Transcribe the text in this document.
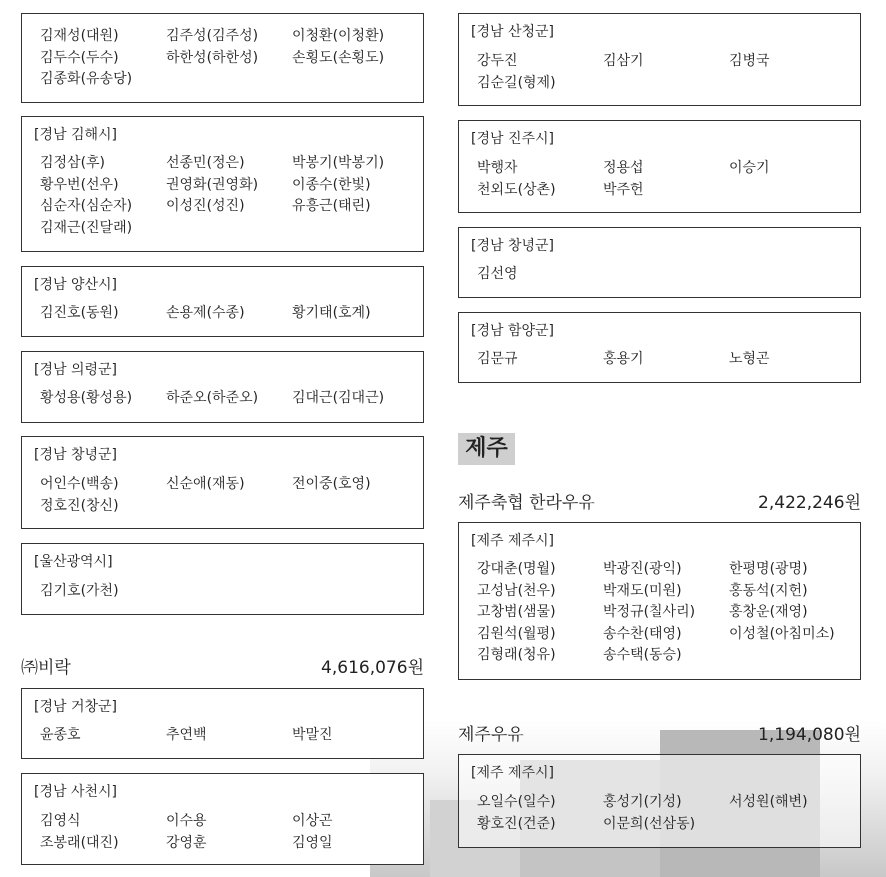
김재성(대원)	김주성(김주성)	이청환(이청환)
김두수(두수)	하한성(하한성)	손횡도(손횡도)
김종화(유송당)
[경남 김해시]
김정삼(후)	선종민(정은)	박봉기(박봉기)
황우번(선우)	권영화(권영화)	이종수(한빛)
심순자(심순자)	이성진(성진)	유흥근(태린)
김재근(진달래)
[경남 양산시]
김진호(동원)	손용제(수종)	황기태(호계)
[경남 의령군]
황성용(황성용)	하준오(하준오)	김대근(김대근)
[경남 창녕군]
어인수(백송)	신순애(재동)	전이중(호영)
정호진(창신)
[울산광역시]
김기호(가천)
㈜비락	4,616,076원
[경남 거창군]
윤종호	추연백	박말진
[경남 사천시]
김영식	이수용	이상곤
조봉래(대진)	강영훈	김영일
[경남 산청군]
강두진	김삼기	김병국
김순길(형제)
[경남 진주시]
박행자	정용섭	이승기
천외도(상촌)	박주헌
[경남 창녕군]
김선영
[경남 함양군]
김문규	홍용기	노형곤
제주
제주축협 한라우유	2,422,246원
[제주 제주시]
강대춘(명월)	박광진(광익)	한평명(광명)
고성남(천우)	박재도(미원)	홍동석(지헌)
고창범(샘물)	박정규(칠사리)	홍창운(재영)
김원석(월평)	송수찬(태영)	이성철(아침미소)
김형래(청유)	송수택(동승)
제주우유	1,194,080원
[제주 제주시]
오일수(일수)	홍성기(기성)	서성원(해변)
황호진(건준)	이문희(선삼동)
